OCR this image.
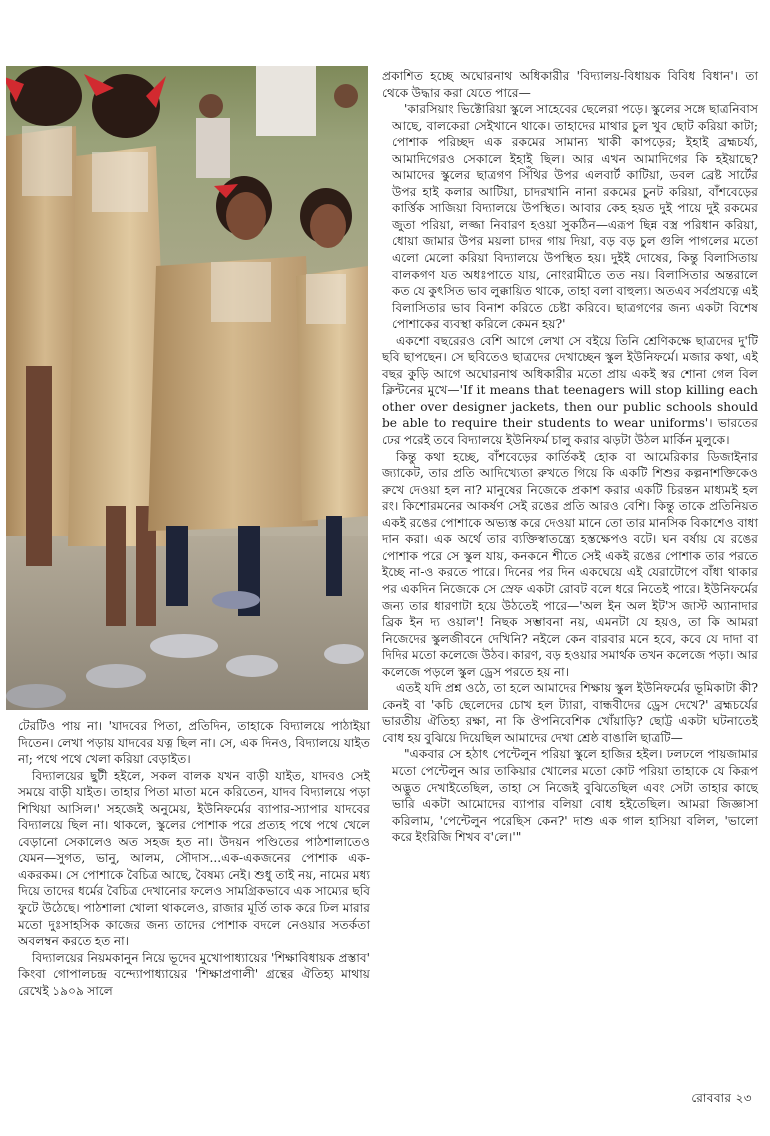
প্রকাশিত হচ্ছে অঘোরনাথ অধিকারীর 'বিদ্যালয়-বিধায়ক বিবিধ বিধান'। তা থেকে উদ্ধার করা যেতে পারে—

'কারসিয়াং ভিক্টোরিয়া স্কুলে সাহেবের ছেলেরা পড়ে। স্কুলের সঙ্গে ছাত্রনিবাস আছে, বালকেরা সেইখানে থাকে। তাহাদের মাথার চুল খুব ছোট করিয়া কাটা; পোশাক পরিচ্ছদ এক রকমের সামান্য খাকী কাপড়ের; ইহাই ব্রহ্মচর্য্য, আমাদিগেরও সেকালে ইহাই ছিল। আর এখন আমাদিগের কি হইয়াছে? আমাদের স্কুলের ছাত্রগণ সিঁথির উপর এলবার্ট কাটিয়া, ডবল ব্রেষ্ট সার্টের উপর হাই কলার আটিয়া, চাদরখানি নানা রকমের চুনট করিয়া, বাঁশবেড়ের কার্ত্তিক সাজিয়া বিদ্যালয়ে উপস্থিত। আবার কেহ হয়ত দুই পায়ে দুই রকমের জুতা পরিয়া, লজ্জা নিবারণ হওয়া সুকঠিন—এরূপ ছিন্ন বস্ত্র পরিধান করিয়া, ধোয়া জামার উপর ময়লা চাদর গায় দিয়া, বড় বড় চুল গুলি পাগলের মতো এলো মেলো করিয়া বিদ্যালয়ে উপস্থিত হয়। দুইই দোষের, কিন্তু বিলাসিতায় বালকগণ যত অধঃপাতে যায়, নোংরামীতে তত নয়। বিলাসিতার অন্তরালে কত যে কুৎসিত ভাব লুক্কায়িত থাকে, তাহা বলা বাহুল্য। অতএব সর্বপ্রযত্নে এই বিলাসিতার ভাব বিনাশ করিতে চেষ্টা করিবে। ছাত্রগণের জন্য একটা বিশেষ পোশাকের ব্যবস্থা করিলে কেমন হয়?'

একশো বছরেরও বেশি আগে লেখা সে বইয়ে তিনি শ্রেণিকক্ষে ছাত্রদের দু'টি ছবি ছাপছেন। সে ছবিতেও ছাত্রদের দেখাচ্ছেন স্কুল ইউনিফর্মে। মজার কথা, এই বছর কুড়ি আগে অঘোরনাথ অধিকারীর মতো প্রায় একই স্বর শোনা গেল বিল ক্লিন্টনের মুখে—'If it means that teenagers will stop killing each other over designer jackets, then our public schools should be able to require their students to wear uniforms'। ভারতের ঢের পরেই তবে বিদ্যালয়ে ইউনিফর্ম চালু করার ঝড়টা উঠল মার্কিন মুলুকে।

কিন্তু কথা হচ্ছে, বাঁশবেড়ের কার্তিকই হোক বা আমেরিকার ডিজাইনার জ্যাকেট, তার প্রতি আদিখ্যেতা রুখতে গিয়ে কি একটি শিশুর কল্পনাশক্তিকেও রুখে দেওয়া হল না? মানুষের নিজেকে প্রকাশ করার একটি চিরন্তন মাধ্যমই হল রং। কিশোরমনের আকর্ষণ সেই রঙের প্রতি আরও বেশি। কিন্তু তাকে প্রতিনিয়ত একই রঙের পোশাকে অভ্যস্ত করে দেওয়া মানে তো তার মানসিক বিকাশেও বাধা দান করা। এক অর্থে তার ব্যক্তিস্বাতন্ত্র্যে হস্তক্ষেপও বটে। ঘন বর্ষায় যে রঙের পোশাক পরে সে স্কুল যায়, কনকনে শীতে সেই একই রঙের পোশাক তার পরতে ইচ্ছে না-ও করতে পারে। দিনের পর দিন একঘেয়ে এই যেরাটোপে বাঁধা থাকার পর একদিন নিজেকে সে স্রেফ একটা রোবট বলে ধরে নিতেই পারে। ইউনিফর্মের জন্য তার ধারণাটা হয়ে উঠতেই পারে—'অল ইন অল ইট'স জাস্ট অ্যানাদার ব্রিক ইন দ্য ওয়াল'! নিছক সম্ভাবনা নয়, এমনটা যে হয়ও, তা কি আমরা নিজেদের স্কুলজীবনে দেখিনি? নইলে কেন বারবার মনে হবে, কবে যে দাদা বা দিদির মতো কলেজে উঠব। কারণ, বড় হওয়ার সমার্থক তখন কলেজে পড়া। আর কলেজে পড়লে স্কুল ড্রেস পরতে হয় না।

এতই যদি প্রশ্ন ওঠে, তা হলে আমাদের শিক্ষায় স্কুল ইউনিফর্মের ভূমিকাটা কী? কেনই বা 'কচি ছেলেদের চোখ হল ট্যারা, বান্ধবীদের ড্রেস দেখে?' ব্রহ্মচর্যের ভারতীয় ঐতিহ্য রক্ষা, না কি ঔপনিবেশিক খোঁয়াড়ি? ছোট্ট একটা ঘটনাতেই বোধ হয় বুঝিয়ে দিয়েছিল আমাদের দেখা শ্রেষ্ঠ বাঙালি ছাত্রটি—

"একবার সে হঠাৎ পেন্টেলুন পরিয়া স্কুলে হাজির হইল। ঢলঢলে পায়জামার মতো পেন্টেলুন আর তাকিয়ার খোলের মতো কোট পরিয়া তাহাকে যে কিরূপ অদ্ভুত দেখাইতেছিল, তাহা সে নিজেই বুঝিতেছিল এবং সেটা তাহার কাছে ভারি একটা আমোদের ব্যাপার বলিয়া বোধ হইতেছিল। আমরা জিজ্ঞাসা করিলাম, 'পেন্টেলুন পরেছিস কেন?' দাশু এক গাল হাসিয়া বলিল, 'ভালো করে ইংরিজি শিখব ব'লে।'"

টেরটিও পায় না। 'যাদবের পিতা, প্রতিদিন, তাহাকে বিদ্যালয়ে পাঠাইয়া দিতেন। লেখা পড়ায় যাদবের যত্ন ছিল না। সে, এক দিনও, বিদ্যালয়ে যাইত না; পথে পথে খেলা করিয়া বেড়াইত।

বিদ্যালয়ের ছুটী হইলে, সকল বালক যখন বাড়ী যাইত, যাদবও সেই সময়ে বাড়ী যাইত। তাহার পিতা মাতা মনে করিতেন, যাদব বিদ্যালয়ে পড়া শিখিয়া আসিল।' সহজেই অনুমেয়, ইউনিফর্মের ব্যাপার-স্যাপার যাদবের বিদ্যালয়ে ছিল না। থাকলে, স্কুলের পোশাক পরে প্রত্যহ পথে পথে খেলে বেড়ানো সেকালেও অত সহজ হত না। উদয়ন পণ্ডিতের পাঠশালাতেও যেমন—সুগত, ভানু, আলম, সৌদাস...এক-একজনের পোশাক এক-একরকম। সে পোশাকে বৈচিত্র আছে, বৈষম্য নেই। শুধু তাই নয়, নামের মধ্য দিয়ে তাদের ধর্মের বৈচিত্র দেখানোর ফলেও সামগ্রিকভাবে এক সাম্যের ছবি ফুটে উঠেছে। পাঠশালা খোলা থাকলেও, রাজার মূর্তি তাক করে ঢিল মারার মতো দুঃসাহসিক কাজের জন্য তাদের পোশাক বদলে নেওয়ার সতর্কতা অবলম্বন করতে হত না।

বিদ্যালয়ের নিয়মকানুন নিয়ে ভূদেব মুখোপাধ্যায়ের 'শিক্ষাবিধায়ক প্রস্তাব' কিংবা গোপালচন্দ্র বন্দ্যোপাধ্যায়ের 'শিক্ষাপ্রণালী' গ্রন্থের ঐতিহ্য মাথায় রেখেই ১৯০৯ সালে

রোববার ২৩
